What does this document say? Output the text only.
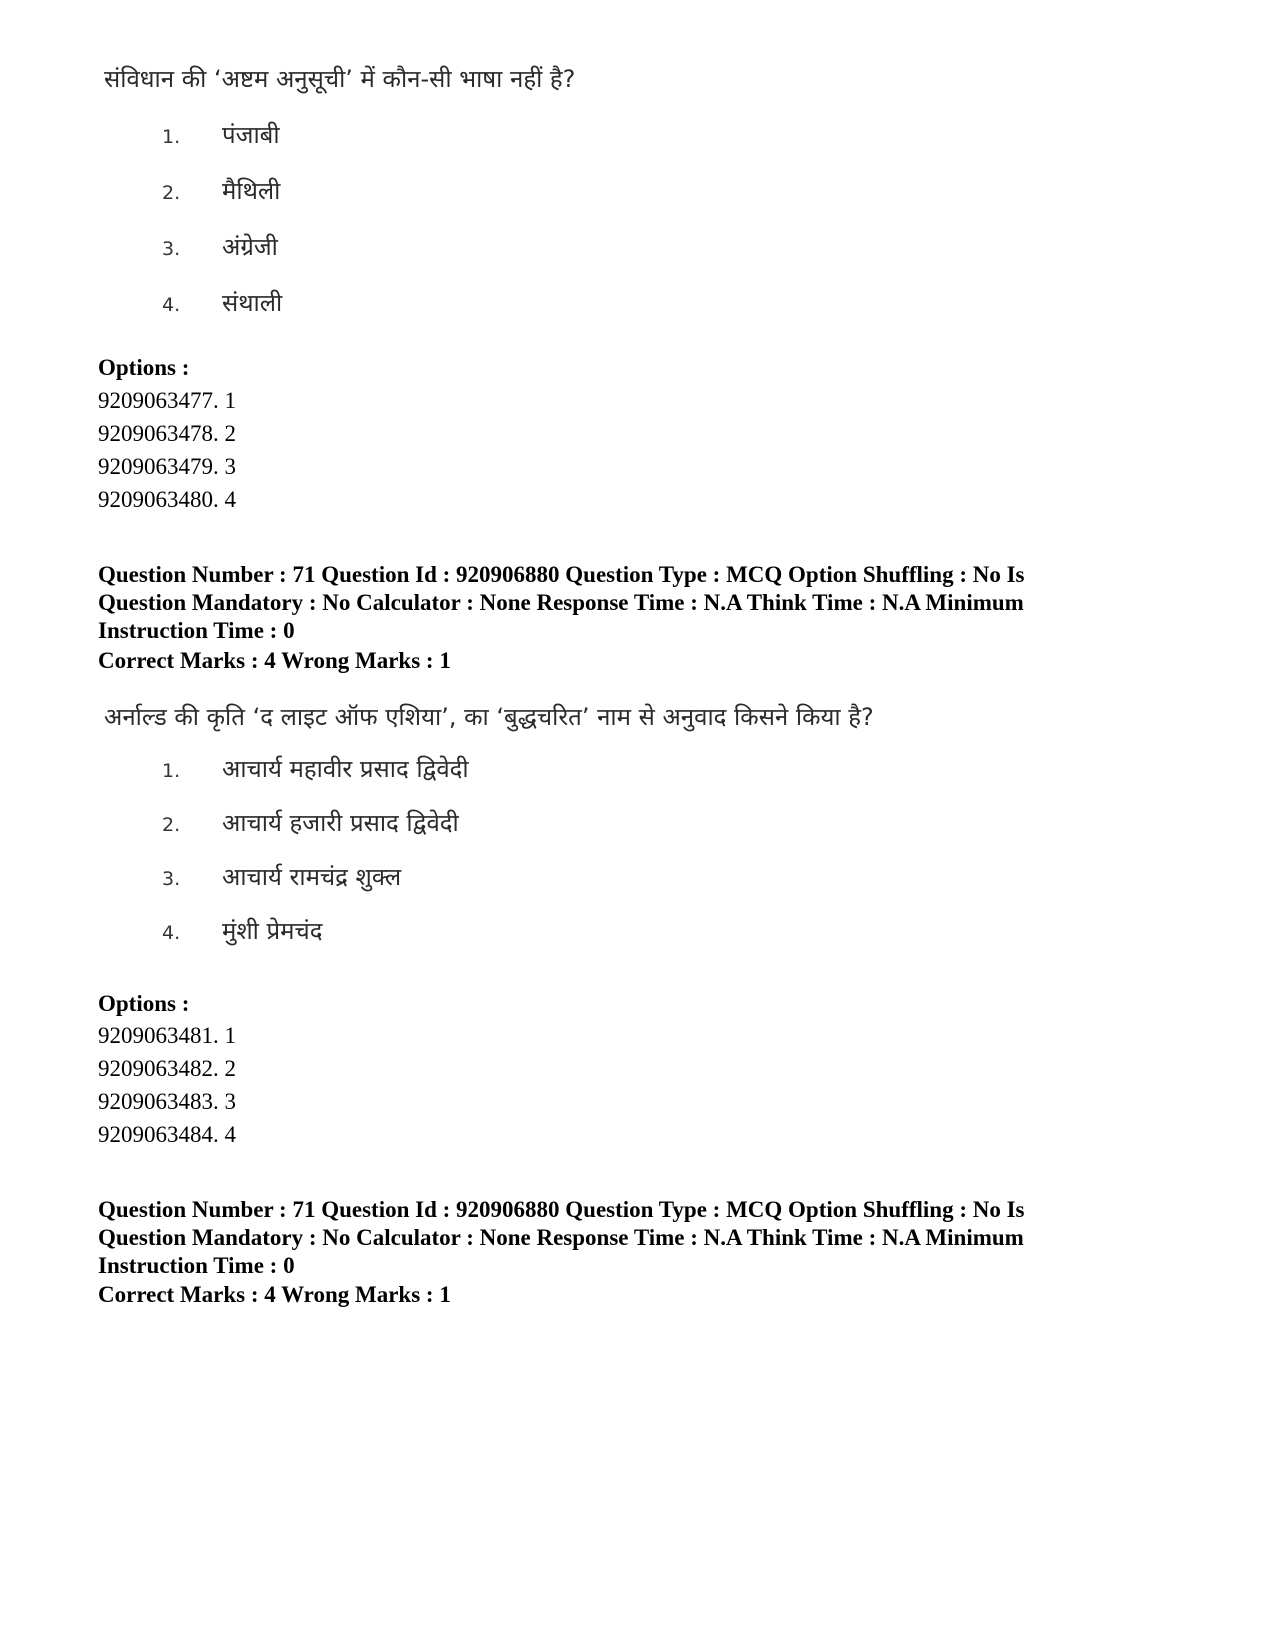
संविधान की ‘अष्टम अनुसूची’ में कौन-सी भाषा नहीं है?
1. पंजाबी
2. मैथिली
3. अंग्रेजी
4. संथाली
Options :
9209063477. 1
9209063478. 2
9209063479. 3
9209063480. 4
Question Number : 71 Question Id : 920906880 Question Type : MCQ Option Shuffling : No Is
Question Mandatory : No Calculator : None Response Time : N.A Think Time : N.A Minimum
Instruction Time : 0
Correct Marks : 4 Wrong Marks : 1
अर्नाल्ड की कृति ‘द लाइट ऑफ एशिया’, का ‘बुद्धचरित’ नाम से अनुवाद किसने किया है?
1. आचार्य महावीर प्रसाद द्विवेदी
2. आचार्य हजारी प्रसाद द्विवेदी
3. आचार्य रामचंद्र शुक्ल
4. मुंशी प्रेमचंद
Options :
9209063481. 1
9209063482. 2
9209063483. 3
9209063484. 4
Question Number : 71 Question Id : 920906880 Question Type : MCQ Option Shuffling : No Is
Question Mandatory : No Calculator : None Response Time : N.A Think Time : N.A Minimum
Instruction Time : 0
Correct Marks : 4 Wrong Marks : 1
